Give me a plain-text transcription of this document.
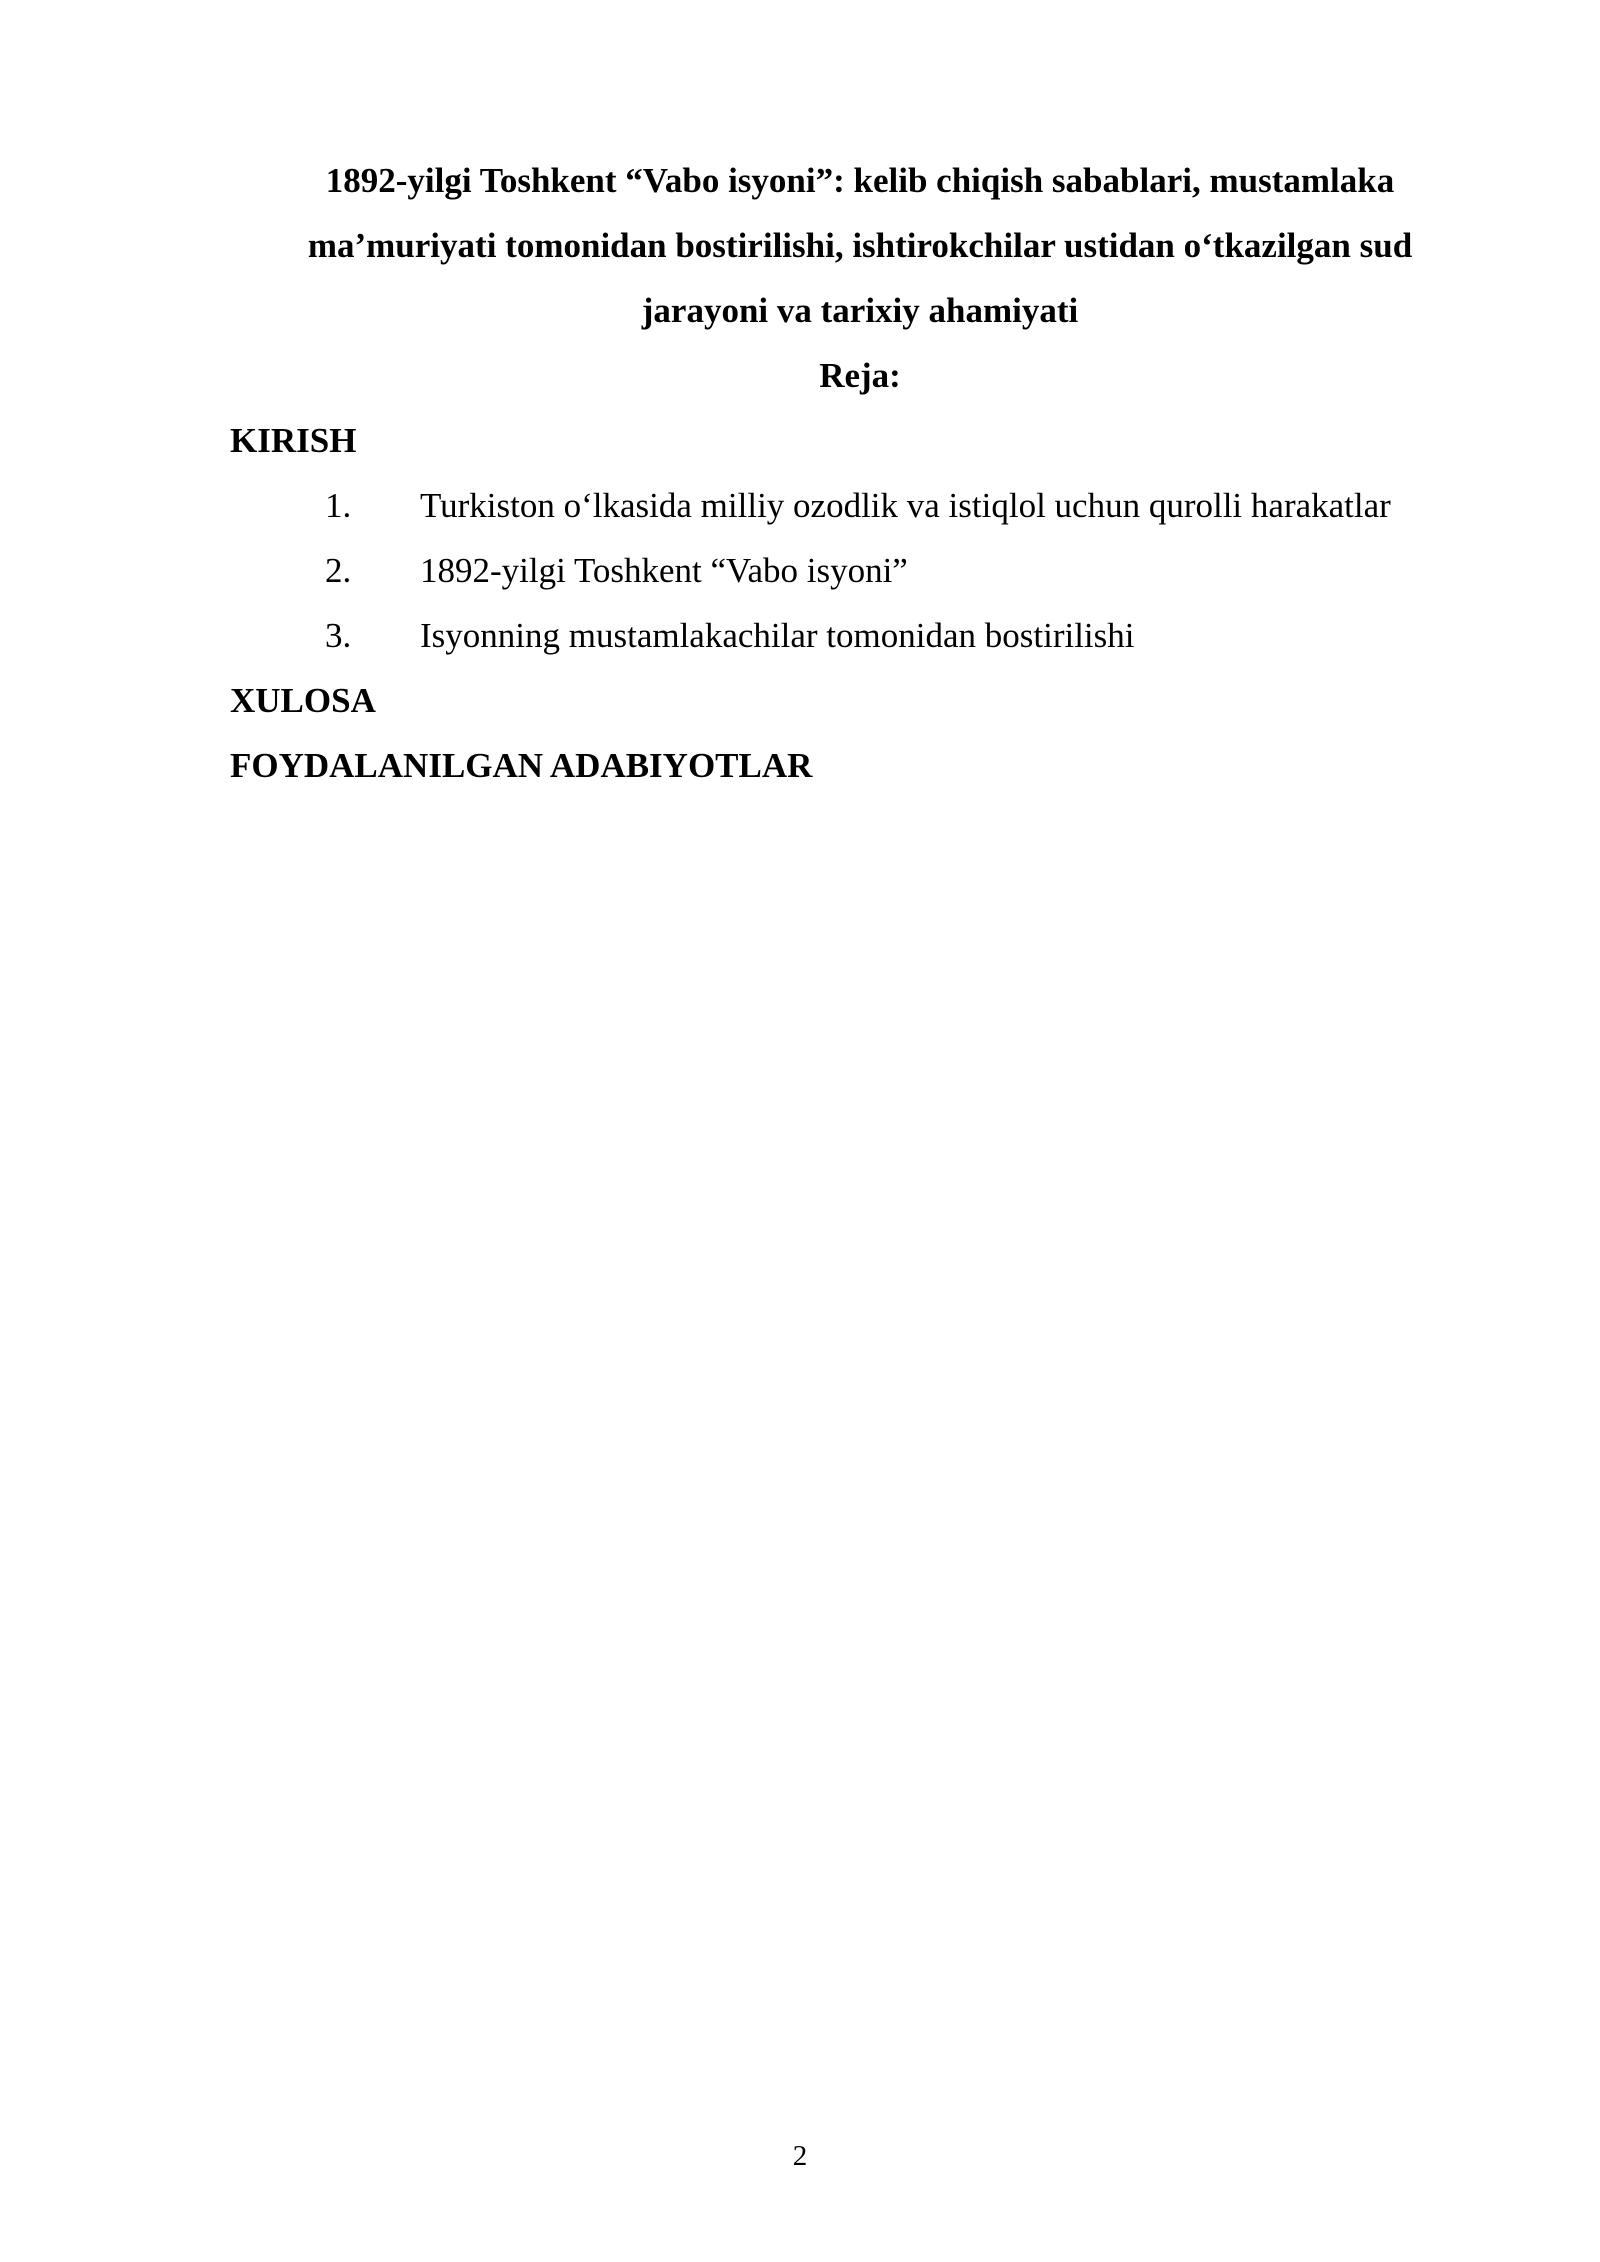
1892-yilgi Toshkent “Vabo isyoni”: kelib chiqish sabablari, mustamlaka
ma’muriyati tomonidan bostirilishi, ishtirokchilar ustidan o‘tkazilgan sud
jarayoni va tarixiy ahamiyati
Reja:
KIRISH
1. Turkiston o‘lkasida milliy ozodlik va istiqlol uchun qurolli harakatlar
2. 1892-yilgi Toshkent “Vabo isyoni”
3. Isyonning mustamlakachilar tomonidan bostirilishi
XULOSA
FOYDALANILGAN ADABIYOTLAR
2
